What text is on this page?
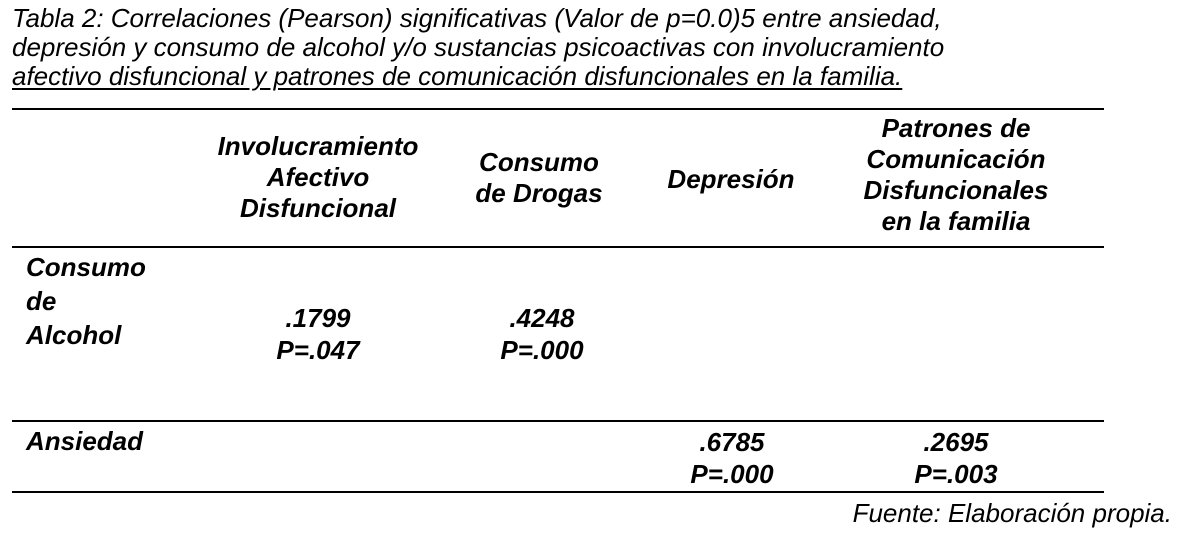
Tabla 2: Correlaciones (Pearson) significativas (Valor de p=0.0)5 entre ansiedad,
depresión y consumo de alcohol y/o sustancias psicoactivas con involucramiento
afectivo disfuncional y patrones de comunicación disfuncionales en la familia.
Involucramiento
Afectivo
Disfuncional
Consumo
de Drogas	Depresión
Patrones de
Comunicación
Disfuncionales
en la familia
Consumo
de
Alcohol
.1799
P=.047
.4248
P=.000
Ansiedad	.6785
P=.000
.2695
P=.003
Fuente: Elaboración propia.
